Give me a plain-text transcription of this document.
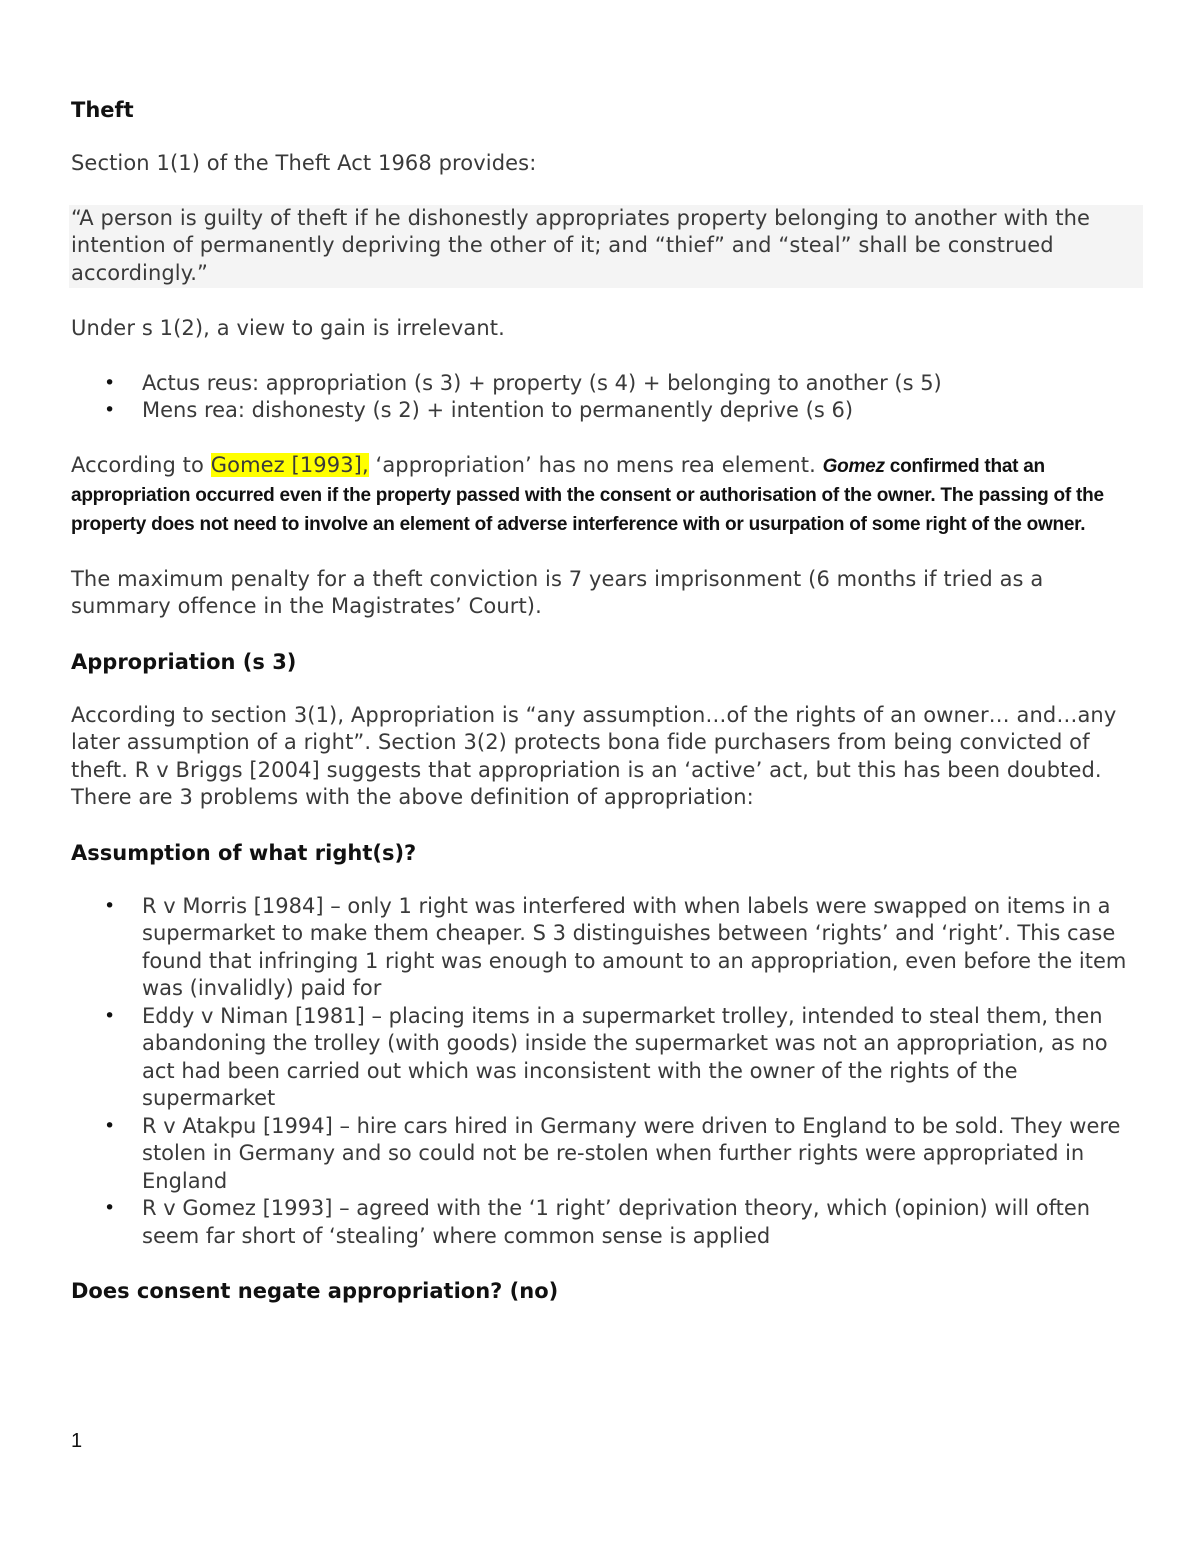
Theft
Section 1(1) of the Theft Act 1968 provides:
“A person is guilty of theft if he dishonestly appropriates property belonging to another with the intention of permanently depriving the other of it; and “thief” and “steal” shall be construed accordingly.”
Under s 1(2), a view to gain is irrelevant.
• Actus reus: appropriation (s 3) + property (s 4) + belonging to another (s 5)
• Mens rea: dishonesty (s 2) + intention to permanently deprive (s 6)
According to Gomez [1993], ‘appropriation’ has no mens rea element. Gomez confirmed that an appropriation occurred even if the property passed with the consent or authorisation of the owner. The passing of the property does not need to involve an element of adverse interference with or usurpation of some right of the owner.
The maximum penalty for a theft conviction is 7 years imprisonment (6 months if tried as a summary offence in the Magistrates’ Court).
Appropriation (s 3)
According to section 3(1), Appropriation is “any assumption…of the rights of an owner… and…any later assumption of a right”. Section 3(2) protects bona fide purchasers from being convicted of theft. R v Briggs [2004] suggests that appropriation is an ‘active’ act, but this has been doubted. There are 3 problems with the above definition of appropriation:
Assumption of what right(s)?
• R v Morris [1984] – only 1 right was interfered with when labels were swapped on items in a supermarket to make them cheaper. S 3 distinguishes between ‘rights’ and ‘right’. This case found that infringing 1 right was enough to amount to an appropriation, even before the item was (invalidly) paid for
• Eddy v Niman [1981] – placing items in a supermarket trolley, intended to steal them, then abandoning the trolley (with goods) inside the supermarket was not an appropriation, as no act had been carried out which was inconsistent with the owner of the rights of the supermarket
• R v Atakpu [1994] – hire cars hired in Germany were driven to England to be sold. They were stolen in Germany and so could not be re-stolen when further rights were appropriated in England
• R v Gomez [1993] – agreed with the ‘1 right’ deprivation theory, which (opinion) will often seem far short of ‘stealing’ where common sense is applied
Does consent negate appropriation? (no)
1
